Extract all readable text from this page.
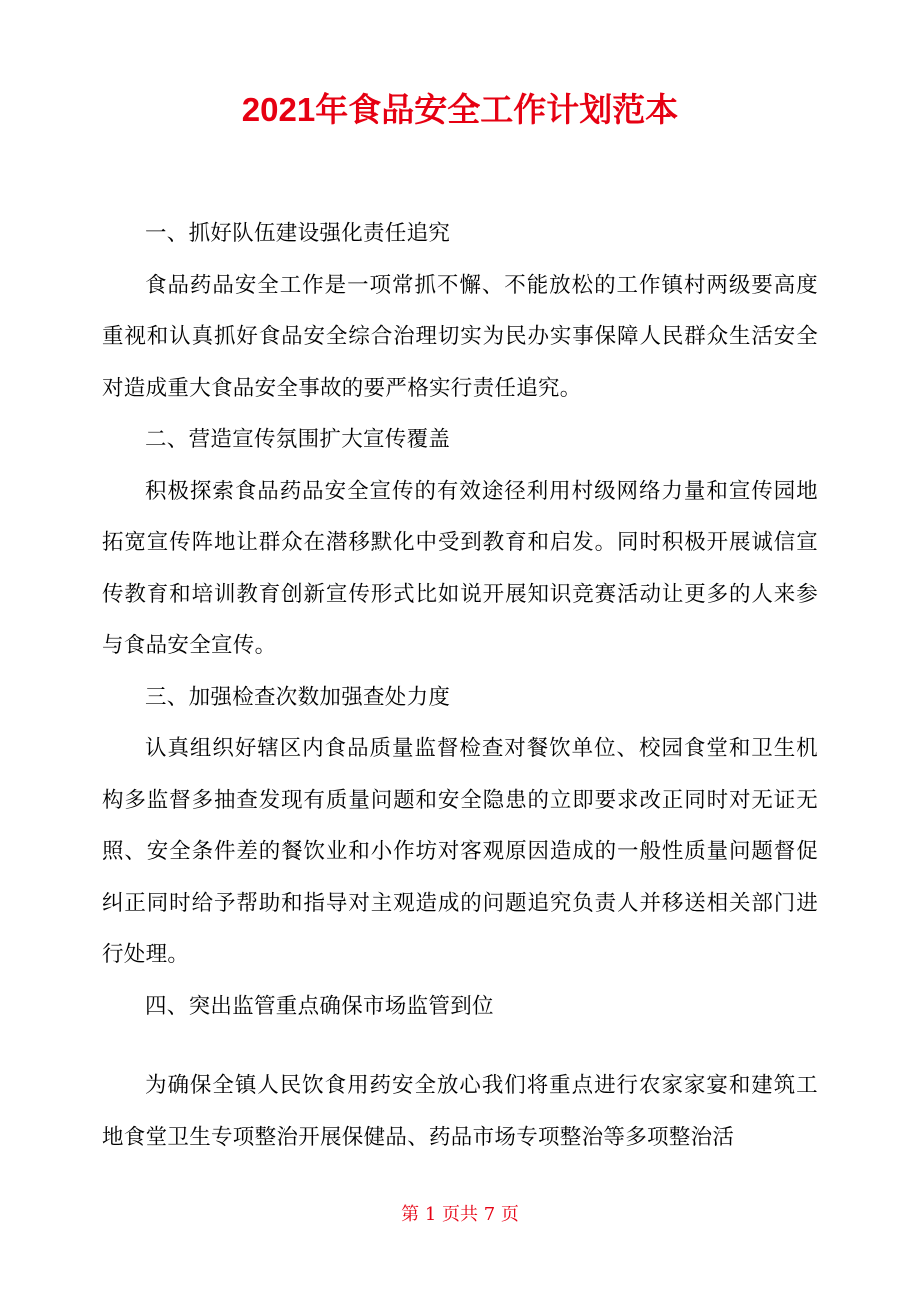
2021年食品安全工作计划范本

一、抓好队伍建设强化责任追究

食品药品安全工作是一项常抓不懈、不能放松的工作镇村两级要高度重视和认真抓好食品安全综合治理切实为民办实事保障人民群众生活安全对造成重大食品安全事故的要严格实行责任追究。

二、营造宣传氛围扩大宣传覆盖

积极探索食品药品安全宣传的有效途径利用村级网络力量和宣传园地拓宽宣传阵地让群众在潜移默化中受到教育和启发。同时积极开展诚信宣传教育和培训教育创新宣传形式比如说开展知识竞赛活动让更多的人来参与食品安全宣传。

三、加强检查次数加强查处力度

认真组织好辖区内食品质量监督检查对餐饮单位、校园食堂和卫生机构多监督多抽查发现有质量问题和安全隐患的立即要求改正同时对无证无照、安全条件差的餐饮业和小作坊对客观原因造成的一般性质量问题督促纠正同时给予帮助和指导对主观造成的问题追究负责人并移送相关部门进行处理。

四、突出监管重点确保市场监管到位

为确保全镇人民饮食用药安全放心我们将重点进行农家家宴和建筑工地食堂卫生专项整治开展保健品、药品市场专项整治等多项整治活

第 1 页共 7 页
